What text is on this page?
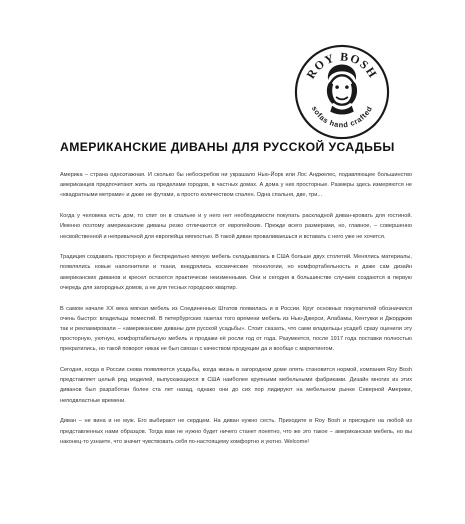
ROY BOSH
sofas hand crafted
АМЕРИКАНСКИЕ ДИВАНЫ ДЛЯ РУССКОЙ УСАДЬБЫ

Америка – страна одноэтажная. И сколько бы небоскребов ни украшало Нью-Йорк или Лос Анджелес, подавляющее большинство американцев предпочитают жить за пределами городов, в частных домах. А дома у них просторные. Размеры здесь измеряются не «квадратными метрами» и даже не футами, а просто количеством спален. Одна спальня, две, три...

Когда у человека есть дом, то спит он в спальне и у него нет необходимости покупать раскладной диван-кровать для гостиной. Именно поэтому американские диваны резко отличаются от европейских. Прежде всего размерами, но, главное, – совершенно несвойственной и непривычной для европейца мягкостью. В такой диван проваливаешься и вставать с него уже не хочется.

Традиция создавать просторную и беспредельно мягкую мебель складывалась в США больше двух столетий. Менялись материалы, появлялись новые наполнители и ткани, внедрялись космические технологии, но комфортабельность и даже сам дизайн американских диванов и кресел остаются практически неизменными. Они и сегодня в большинстве случаев создаются в первую очередь для загородных домов, а не для тесных городских квартир.

В самом начале XX века мягкая мебель из Соединенных Штатов появилась и в России. Круг основных покупателей обозначился очень быстро: владельцы поместий. В петербургских газетах того времени мебель из Нью-Джерси, Алабамы, Кентукки и Джорджии так и рекламировали – «американские диваны для русской усадьбы». Стоит сказать, что сами владельцы усадеб сразу оценили эту просторную, уютную, комфортабельную мебель и продажи её росли год от года. Разумеется, после 1917 года поставки полностью прекратились, но такой поворот никак не был связан с качеством продукции да и вообще с маркетингом.

Сегодня, когда в России снова появляются усадьбы, когда жизнь в загородном доме опять становится нормой, компания Roy Bosh представляет целый ряд моделей, выпускающихся в США наиболее крупными мебельными фабриками. Дизайн многих из этих диванов был разработан более ста лет назад, однако они до сих пор лидируют на мебельном рынке Северной Америки, неподвластные времени.

Диван – не вина и не муж. Его выбирают не сердцем. На диван нужно сесть. Приходите в Roy Bosh и присядьте на любой из представленных нами образцов. Тогда вам не нужно будет ничего станет понятно, что же это такое – американская мебель, но вы наконец-то узнаете, что значит чувствовать себя по-настоящему комфортно и уютно. Welcome!
